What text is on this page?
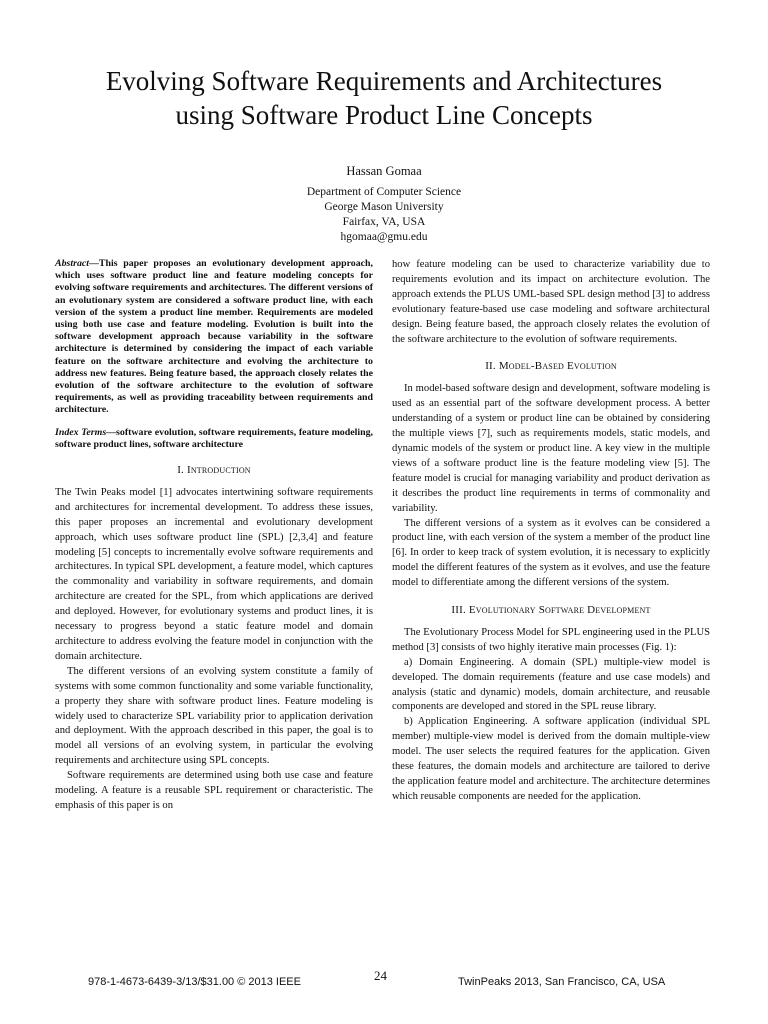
Evolving Software Requirements and Architectures
using Software Product Line Concepts
Hassan Gomaa
Department of Computer Science
George Mason University
Fairfax, VA, USA
hgomaa@gmu.edu

Abstract—This paper proposes an evolutionary development approach, which uses software product line and feature modeling concepts for evolving software requirements and architectures. The different versions of an evolutionary system are considered a software product line, with each version of the system a product line member. Requirements are modeled using both use case and feature modeling. Evolution is built into the software development approach because variability in the software architecture is determined by considering the impact of each variable feature on the software architecture and evolving the architecture to address new features. Being feature based, the approach closely relates the evolution of the software architecture to the evolution of software requirements, as well as providing traceability between requirements and architecture.

Index Terms—software evolution, software requirements, feature modeling, software product lines, software architecture

I. Introduction

The Twin Peaks model [1] advocates intertwining software requirements and architectures for incremental development. To address these issues, this paper proposes an incremental and evolutionary development approach, which uses software product line (SPL) [2,3,4] and feature modeling [5] concepts to incrementally evolve software requirements and architectures. In typical SPL development, a feature model, which captures the commonality and variability in software requirements, and domain architecture are created for the SPL, from which applications are derived and deployed. However, for evolutionary systems and product lines, it is necessary to progress beyond a static feature model and domain architecture to address evolving the feature model in conjunction with the domain architecture.

The different versions of an evolving system constitute a family of systems with some common functionality and some variable functionality, a property they share with software product lines. Feature modeling is widely used to characterize SPL variability prior to application derivation and deployment. With the approach described in this paper, the goal is to model all versions of an evolving system, in particular the evolving requirements and architecture using SPL concepts.

Software requirements are determined using both use case and feature modeling. A feature is a reusable SPL requirement or characteristic. The emphasis of this paper is on

how feature modeling can be used to characterize variability due to requirements evolution and its impact on architecture evolution. The approach extends the PLUS UML-based SPL design method [3] to address evolutionary feature-based use case modeling and software architectural design. Being feature based, the approach closely relates the evolution of the software architecture to the evolution of software requirements.

II. Model-Based Evolution

In model-based software design and development, software modeling is used as an essential part of the software development process. A better understanding of a system or product line can be obtained by considering the multiple views [7], such as requirements models, static models, and dynamic models of the system or product line. A key view in the multiple views of a software product line is the feature modeling view [5]. The feature model is crucial for managing variability and product derivation as it describes the product line requirements in terms of commonality and variability.

The different versions of a system as it evolves can be considered a product line, with each version of the system a member of the product line [6]. In order to keep track of system evolution, it is necessary to explicitly model the different features of the system as it evolves, and use the feature model to differentiate among the different versions of the system.

III. Evolutionary Software Development

The Evolutionary Process Model for SPL engineering used in the PLUS method [3] consists of two highly iterative main processes (Fig. 1):

a) Domain Engineering. A domain (SPL) multiple-view model is developed. The domain requirements (feature and use case models) and analysis (static and dynamic) models, domain architecture, and reusable components are developed and stored in the SPL reuse library.

b) Application Engineering. A software application (individual SPL member) multiple-view model is derived from the domain multiple-view model. The user selects the required features for the application. Given these features, the domain models and architecture are tailored to derive the application feature model and architecture. The architecture determines which reusable components are needed for the application.

978-1-4673-6439-3/13/$31.00 © 2013 IEEE	24	TwinPeaks 2013, San Francisco, CA, USA
